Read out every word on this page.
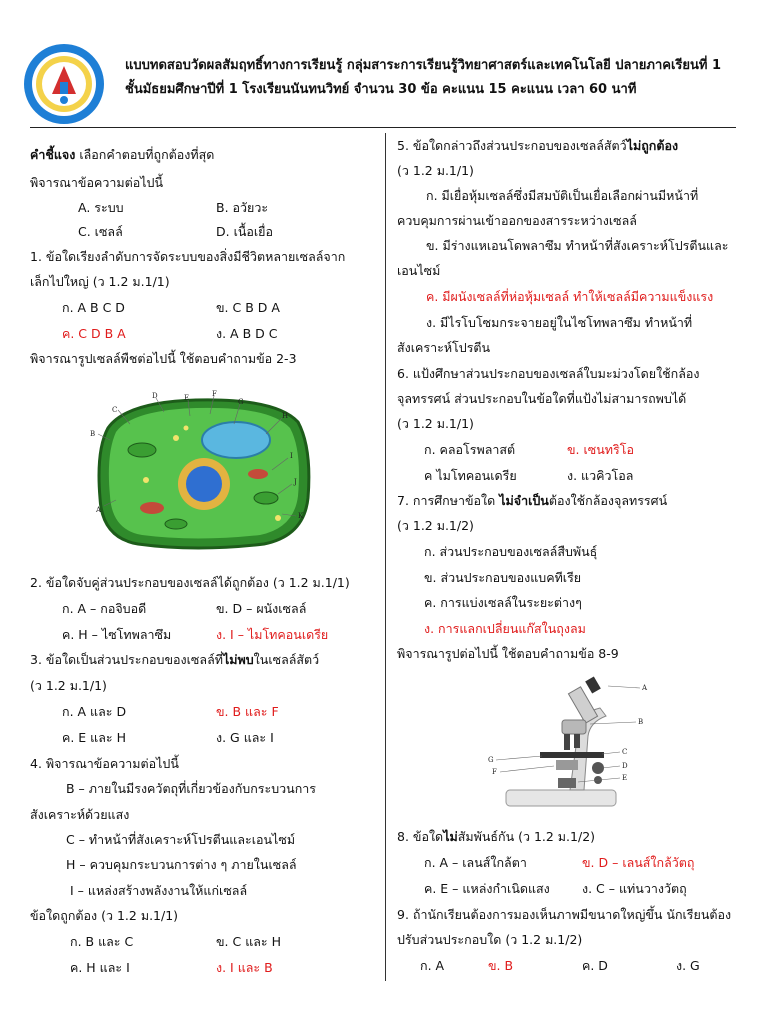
แบบทดสอบวัดผลสัมฤทธิ์ทางการเรียนรู้ กลุ่มสาระการเรียนรู้วิทยาศาสตร์และเทคโนโลยี ปลายภาคเรียนที่ 1
ชั้นมัธยมศึกษาปีที่ 1 โรงเรียนนันทนวิทย์ จำนวน 30 ข้อ คะแนน 15 คะแนน เวลา 60 นาที
คำชี้แจง เลือกคำตอบที่ถูกต้องที่สุด
พิจารณาข้อความต่อไปนี้
A. ระบบ	B. อวัยวะ
C. เซลล์	D. เนื้อเยื่อ
1. ข้อใดเรียงลำดับการจัดระบบของสิ่งมีชีวิตหลายเซลล์จาก
เล็กไปใหญ่ (ว 1.2 ม.1/1)
ก. A B C D	ข. C B D A
ค. C D B A	ง. A B D C
พิจารณารูปเซลล์พืชต่อไปนี้ ใช้ตอบคำถามข้อ 2-3
A
B
C
D	E	F
G
H
I
J
K
2. ข้อใดจับคู่ส่วนประกอบของเซลล์ได้ถูกต้อง (ว 1.2 ม.1/1)
ก. A – กอจิบอดี	ข. D – ผนังเซลล์
ค. H – ไซโทพลาซึม	ง. I – ไมโทคอนเดรีย
3. ข้อใดเป็นส่วนประกอบของเซลล์ที่ไม่พบในเซลล์สัตว์
(ว 1.2 ม.1/1)
ก. A และ D	ข. B และ F
ค. E และ H	ง. G และ I
4. พิจารณาข้อความต่อไปนี้
B – ภายในมีรงควัตถุที่เกี่ยวข้องกับกระบวนการ
สังเคราะห์ด้วยแสง
C – ทำหน้าที่สังเคราะห์โปรตีนและเอนไซม์
H – ควบคุมกระบวนการต่าง ๆ ภายในเซลล์
I – แหล่งสร้างพลังงานให้แก่เซลล์
ข้อใดถูกต้อง (ว 1.2 ม.1/1)
ก. B และ C	ข. C และ H
ค. H และ I	ง. I และ B
5. ข้อใดกล่าวถึงส่วนประกอบของเซลล์สัตว์ไม่ถูกต้อง
(ว 1.2 ม.1/1)
ก. มีเยื่อหุ้มเซลล์ซึ่งมีสมบัติเป็นเยื่อเลือกผ่านมีหน้าที่
ควบคุมการผ่านเข้าออกของสารระหว่างเซลล์
ข. มีร่างแหเอนโดพลาซึม ทำหน้าที่สังเคราะห์โปรตีนและ
เอนไซม์
ค. มีผนังเซลล์ที่ห่อหุ้มเซลล์ ทำให้เซลล์มีความแข็งแรง
ง. มีไรโบโซมกระจายอยู่ในไซโทพลาซึม ทำหน้าที่
สังเคราะห์โปรตีน
6. แป้งศึกษาส่วนประกอบของเซลล์ใบมะม่วงโดยใช้กล้อง
จุลทรรศน์ ส่วนประกอบในข้อใดที่แป้งไม่สามารถพบได้
(ว 1.2 ม.1/1)
ก. คลอโรพลาสต์	ข. เซนทริโอ
ค ไมโทคอนเดรีย	ง. แวคิวโอล
7. การศึกษาข้อใด ไม่จำเป็นต้องใช้กล้องจุลทรรศน์
(ว 1.2 ม.1/2)
ก. ส่วนประกอบของเซลล์สืบพันธุ์
ข. ส่วนประกอบของแบคทีเรีย
ค. การแบ่งเซลล์ในระยะต่างๆ
ง. การแลกเปลี่ยนแก๊สในถุงลม
พิจารณารูปต่อไปนี้ ใช้ตอบคำถามข้อ 8-9
A
B
C
D
E
F
G
8. ข้อใดไม่สัมพันธ์กัน (ว 1.2 ม.1/2)
ก. A – เลนส์ใกล้ตา	ข. D – เลนส์ใกล้วัตถุ
ค. E – แหล่งกำเนิดแสง	ง. C – แท่นวางวัตถุ
9. ถ้านักเรียนต้องการมองเห็นภาพมีขนาดใหญ่ขึ้น นักเรียนต้อง
ปรับส่วนประกอบใด (ว 1.2 ม.1/2)
ก. A	ข. B	ค. D	ง. G
